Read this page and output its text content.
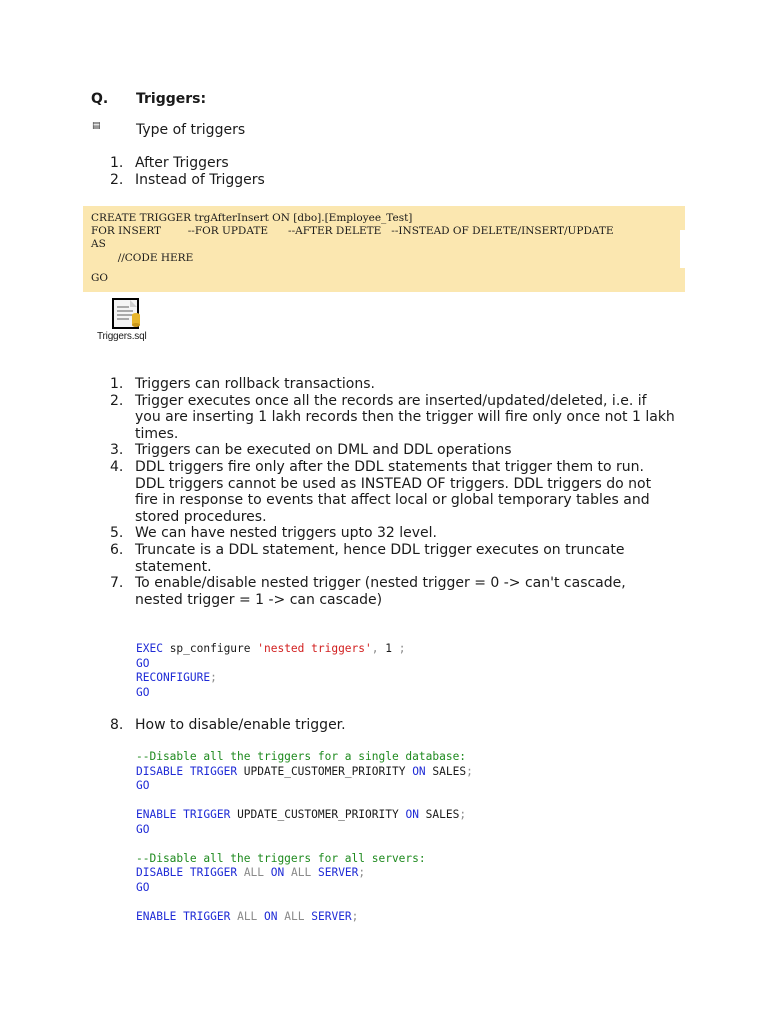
Q. Triggers:
▤	Type of triggers
1. After Triggers
2. Instead of Triggers
CREATE TRIGGER trgAfterInsert ON [dbo].[Employee_Test]
FOR INSERT        --FOR UPDATE      --AFTER DELETE   --INSTEAD OF DELETE/INSERT/UPDATE
AS
//CODE HERE
GO
Triggers.sql
1. Triggers can rollback transactions.
2. Trigger executes once all the records are inserted/updated/deleted, i.e. if you are inserting 1 lakh records then the trigger will fire only once not 1 lakh times.
3. Triggers can be executed on DML and DDL operations
4. DDL triggers fire only after the DDL statements that trigger them to run. DDL triggers cannot be used as INSTEAD OF triggers. DDL triggers do not fire in response to events that affect local or global temporary tables and stored procedures.
5. We can have nested triggers upto 32 level.
6. Truncate is a DDL statement, hence DDL trigger executes on truncate statement.
7. To enable/disable nested trigger (nested trigger = 0 -> can't cascade, nested trigger = 1 -> can cascade)
EXEC sp_configure 'nested triggers', 1 ;
GO
RECONFIGURE;
GO
8. How to disable/enable trigger.
--Disable all the triggers for a single database:
DISABLE TRIGGER UPDATE_CUSTOMER_PRIORITY ON SALES;
GO

ENABLE TRIGGER UPDATE_CUSTOMER_PRIORITY ON SALES;
GO

--Disable all the triggers for all servers:
DISABLE TRIGGER ALL ON ALL SERVER;
GO

ENABLE TRIGGER ALL ON ALL SERVER;
